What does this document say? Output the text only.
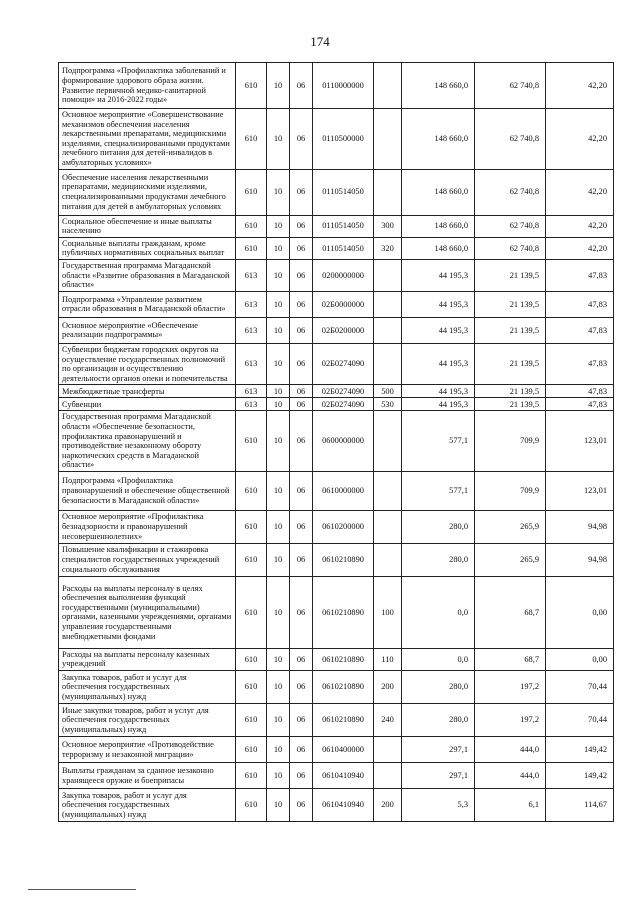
174
Подпрограмма «Профилактика заболеваний и формирование здорового образа жизни. Развитие первичной медико-санитарной помощи» на 2016-2022 годы»	610	10	06	0110000000		148 660,0	62 740,8	42,20
Основное мероприятие «Совершенствование механизмов обеспечения населения лекарственными препаратами, медицинскими изделиями, специализированными продуктами лечебного питания для детей-инвалидов в амбулаторных условиях»	610	10	06	0110500000		148 660,0	62 740,8	42,20
Обеспечение населения лекарственными препаратами, медицинскими изделиями, специализированными продуктами лечебного питания для детей в амбулаторных условиях	610	10	06	0110514050		148 660,0	62 740,8	42,20
Социальное обеспечение и иные выплаты населению	610	10	06	0110514050	300	148 660,0	62 740,8	42,20
Социальные выплаты гражданам, кроме публичных нормативных социальных выплат	610	10	06	0110514050	320	148 660,0	62 740,8	42,20
Государственная программа Магаданской области «Развитие образования в Магаданской области»	613	10	06	0200000000		44 195,3	21 139,5	47,83
Подпрограмма «Управление развитием отрасли образования в Магаданской области»	613	10	06	02Б0000000		44 195,3	21 139,5	47,83
Основное мероприятие «Обеспечение реализации подпрограммы»	613	10	06	02Б0200000		44 195,3	21 139,5	47,83
Субвенции бюджетам городских округов на осуществление государственных полномочий по организации и осуществлению деятельности органов опеки и попечительства	613	10	06	02Б0274090		44 195,3	21 139,5	47,83
Межбюджетные трансферты	613	10	06	02Б0274090	500	44 195,3	21 139,5	47,83
Субвенции	613	10	06	02Б0274090	530	44 195,3	21 139,5	47,83
Государственная программа Магаданской области «Обеспечение безопасности, профилактика правонарушений и противодействие незаконному обороту наркотических средств в Магаданской области»	610	10	06	0600000000		577,1	709,9	123,01
Подпрограмма «Профилактика правонарушений и обеспечение общественной безопасности в Магаданской области»	610	10	06	0610000000		577,1	709,9	123,01
Основное мероприятие «Профилактика безнадзорности и правонарушений несовершеннолетних»	610	10	06	0610200000		280,0	265,9	94,98
Повышение квалификации и стажировка специалистов государственных учреждений социального обслуживания	610	10	06	0610210890		280,0	265,9	94,98
Расходы на выплаты персоналу в целях обеспечения выполнения функций государственными (муниципальными) органами, казенными учреждениями, органами управления государственными внебюджетными фондами	610	10	06	0610210890	100	0,0	68,7	0,00
Расходы на выплаты персоналу казенных учреждений	610	10	06	0610210890	110	0,0	68,7	0,00
Закупка товаров, работ и услуг для обеспечения государственных (муниципальных) нужд	610	10	06	0610210890	200	280,0	197,2	70,44
Иные закупки товаров, работ и услуг для обеспечения государственных (муниципальных) нужд	610	10	06	0610210890	240	280,0	197,2	70,44
Основное мероприятие «Противодействие терроризму и незаконной миграции»	610	10	06	0610400000		297,1	444,0	149,42
Выплаты гражданам за сданное незаконно хранящееся оружие и боеприпасы	610	10	06	0610410940		297,1	444,0	149,42
Закупка товаров, работ и услуг для обеспечения государственных (муниципальных) нужд	610	10	06	0610410940	200	5,3	6,1	114,67
